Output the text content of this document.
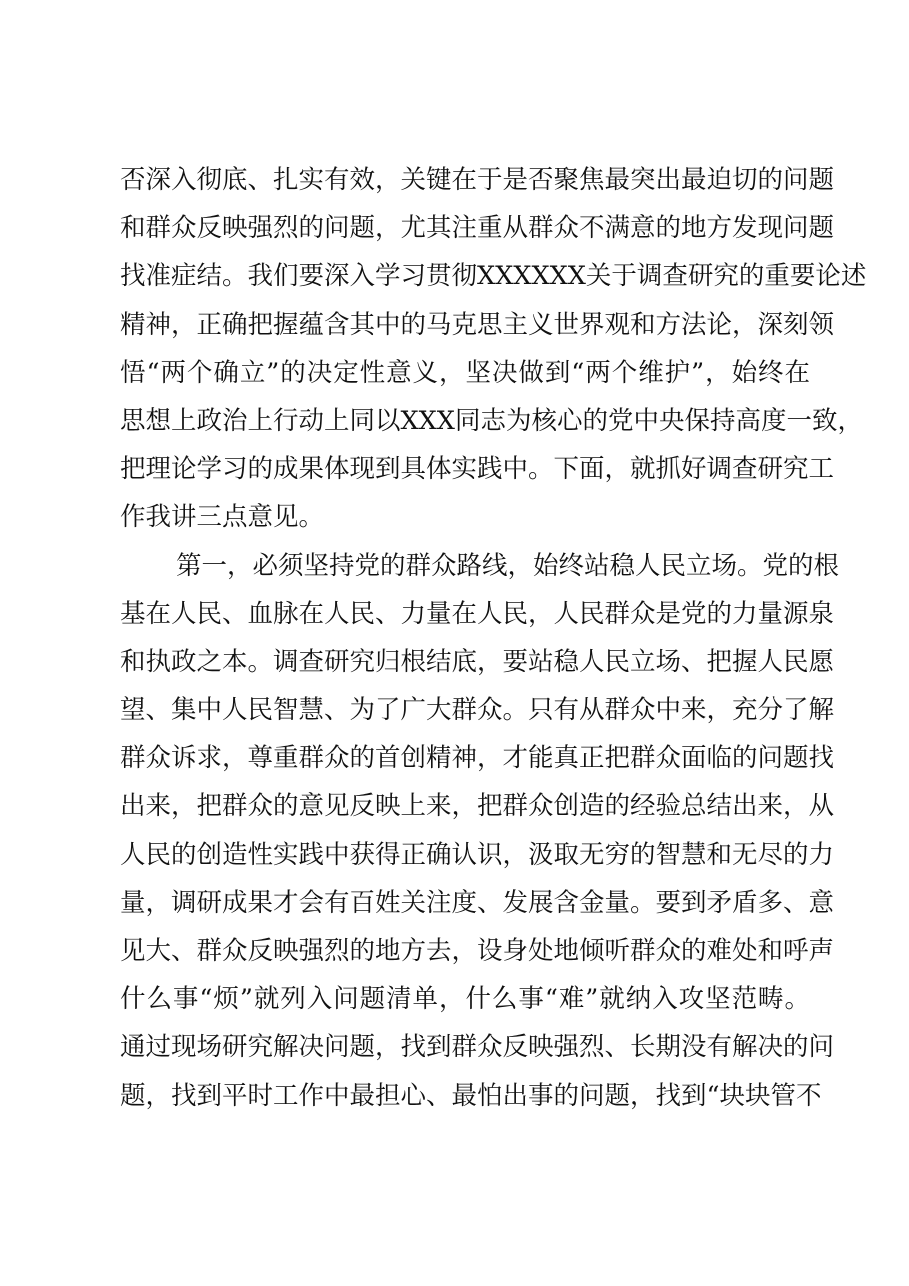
否深入彻底、扎实有效，关键在于是否聚焦最突出最迫切的问题
和群众反映强烈的问题，尤其注重从群众不满意的地方发现问题
找准症结。我们要深入学习贯彻XXXXXX关于调查研究的重要论述
精神，正确把握蕴含其中的马克思主义世界观和方法论，深刻领
悟“两个确立”的决定性意义，坚决做到“两个维护”，始终在
思想上政治上行动上同以XXX同志为核心的党中央保持高度一致，
把理论学习的成果体现到具体实践中。下面，就抓好调查研究工
作我讲三点意见。
第一，必须坚持党的群众路线，始终站稳人民立场。党的根
基在人民、血脉在人民、力量在人民，人民群众是党的力量源泉
和执政之本。调查研究归根结底，要站稳人民立场、把握人民愿
望、集中人民智慧、为了广大群众。只有从群众中来，充分了解
群众诉求，尊重群众的首创精神，才能真正把群众面临的问题找
出来，把群众的意见反映上来，把群众创造的经验总结出来，从
人民的创造性实践中获得正确认识，汲取无穷的智慧和无尽的力
量，调研成果才会有百姓关注度、发展含金量。要到矛盾多、意
见大、群众反映强烈的地方去，设身处地倾听群众的难处和呼声
什么事“烦”就列入问题清单，什么事“难”就纳入攻坚范畴。
通过现场研究解决问题，找到群众反映强烈、长期没有解决的问
题，找到平时工作中最担心、最怕出事的问题，找到“块块管不
